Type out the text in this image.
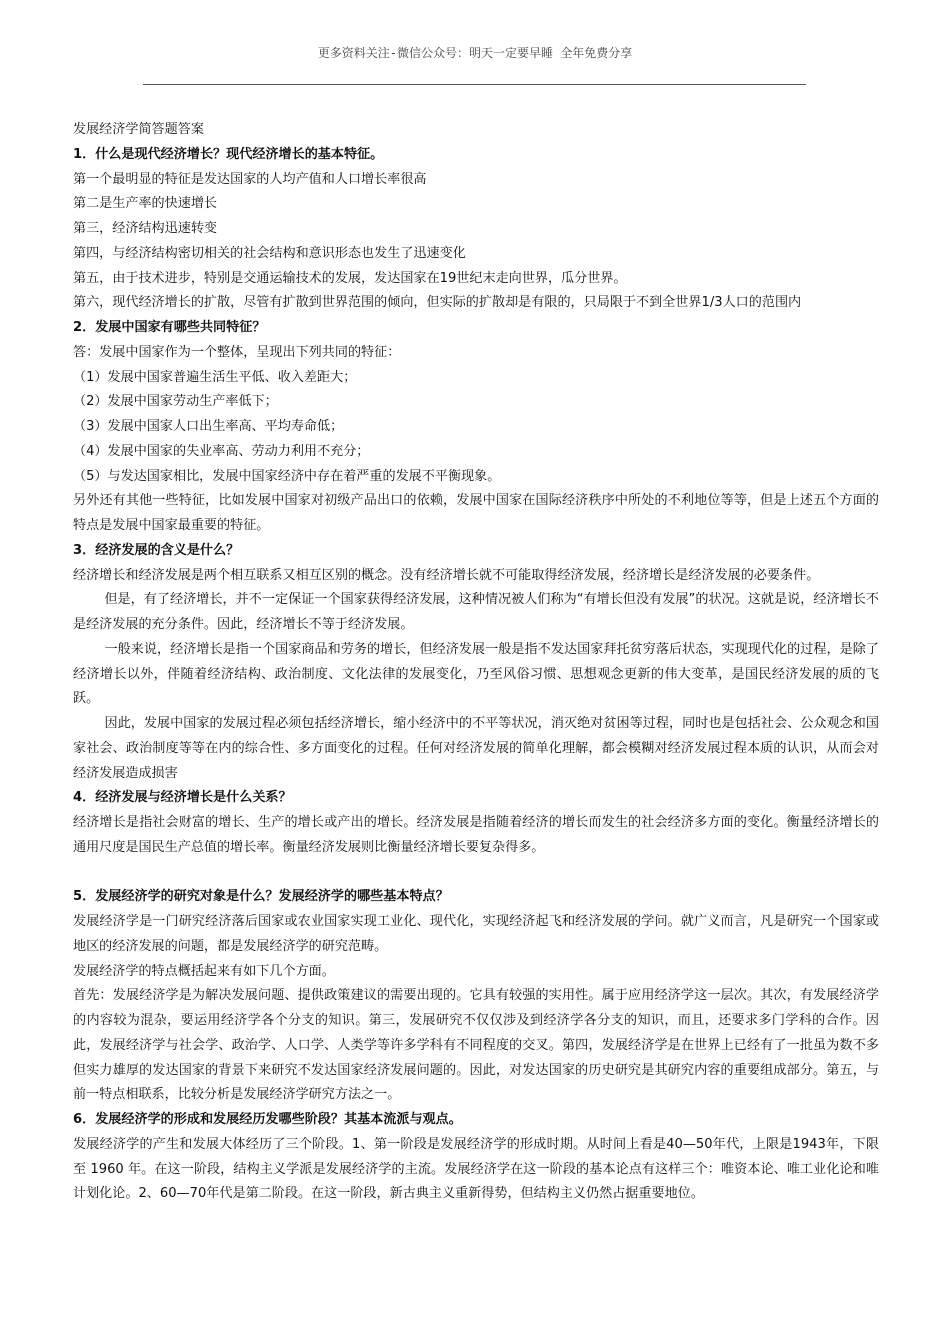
更多资料关注-微信公众号：明天一定要早睡 全年免费分享

发展经济学简答题答案

1．什么是现代经济增长？现代经济增长的基本特征。

第一个最明显的特征是发达国家的人均产值和人口增长率很高

第二是生产率的快速增长

第三，经济结构迅速转变

第四，与经济结构密切相关的社会结构和意识形态也发生了迅速变化

第五，由于技术进步，特别是交通运输技术的发展，发达国家在19世纪末走向世界，瓜分世界。

第六，现代经济增长的扩散，尽管有扩散到世界范围的倾向，但实际的扩散却是有限的，只局限于不到全世界1/3人口的范围内

2．发展中国家有哪些共同特征？

答：发展中国家作为一个整体，呈现出下列共同的特征：

（1）发展中国家普遍生活生平低、收入差距大；

（2）发展中国家劳动生产率低下；

（3）发展中国家人口出生率高、平均寿命低；

（4）发展中国家的失业率高、劳动力利用不充分；

（5）与发达国家相比，发展中国家经济中存在着严重的发展不平衡现象。

另外还有其他一些特征，比如发展中国家对初级产品出口的依赖，发展中国家在国际经济秩序中所处的不利地位等等，但是上述五个方面的特点是发展中国家最重要的特征。

3．经济发展的含义是什么？

经济增长和经济发展是两个相互联系又相互区别的概念。没有经济增长就不可能取得经济发展，经济增长是经济发展的必要条件。

但是，有了经济增长，并不一定保证一个国家获得经济发展，这种情况被人们称为“有增长但没有发展”的状况。这就是说，经济增长不是经济发展的充分条件。因此，经济增长不等于经济发展。

一般来说，经济增长是指一个国家商品和劳务的增长，但经济发展一般是指不发达国家拜托贫穷落后状态，实现现代化的过程，是除了经济增长以外，伴随着经济结构、政治制度、文化法律的发展变化，乃至风俗习惯、思想观念更新的伟大变革，是国民经济发展的质的飞跃。

因此，发展中国家的发展过程必须包括经济增长，缩小经济中的不平等状况，消灭绝对贫困等过程，同时也是包括社会、公众观念和国家社会、政治制度等等在内的综合性、多方面变化的过程。任何对经济发展的简单化理解，都会模糊对经济发展过程本质的认识，从而会对经济发展造成损害

4．经济发展与经济增长是什么关系？

经济增长是指社会财富的增长、生产的增长或产出的增长。经济发展是指随着经济的增长而发生的社会经济多方面的变化。衡量经济增长的通用尺度是国民生产总值的增长率。衡量经济发展则比衡量经济增长要复杂得多。

5．发展经济学的研究对象是什么？发展经济学的哪些基本特点？

发展经济学是一门研究经济落后国家或农业国家实现工业化、现代化，实现经济起飞和经济发展的学问。就广义而言，凡是研究一个国家或地区的经济发展的问题，都是发展经济学的研究范畴。

发展经济学的特点概括起来有如下几个方面。

首先：发展经济学是为解决发展问题、提供政策建议的需要出现的。它具有较强的实用性。属于应用经济学这一层次。其次，有发展经济学的内容较为混杂，要运用经济学各个分支的知识。第三，发展研究不仅仅涉及到经济学各分支的知识，而且，还要求多门学科的合作。因此，发展经济学与社会学、政治学、人口学、人类学等许多学科有不同程度的交叉。第四，发展经济学是在世界上已经有了一批虽为数不多但实力雄厚的发达国家的背景下来研究不发达国家经济发展问题的。因此，对发达国家的历史研究是其研究内容的重要组成部分。第五，与前一特点相联系，比较分析是发展经济学研究方法之一。

6．发展经济学的形成和发展经历发哪些阶段？其基本流派与观点。

发展经济学的产生和发展大体经历了三个阶段。1、第一阶段是发展经济学的形成时期。从时间上看是40—50年代，上限是1943年，下限至 1960 年。在这一阶段，结构主义学派是发展经济学的主流。发展经济学在这一阶段的基本论点有这样三个：唯资本论、唯工业化论和唯计划化论。2、60—70年代是第二阶段。在这一阶段，新古典主义重新得势，但结构主义仍然占据重要地位。
